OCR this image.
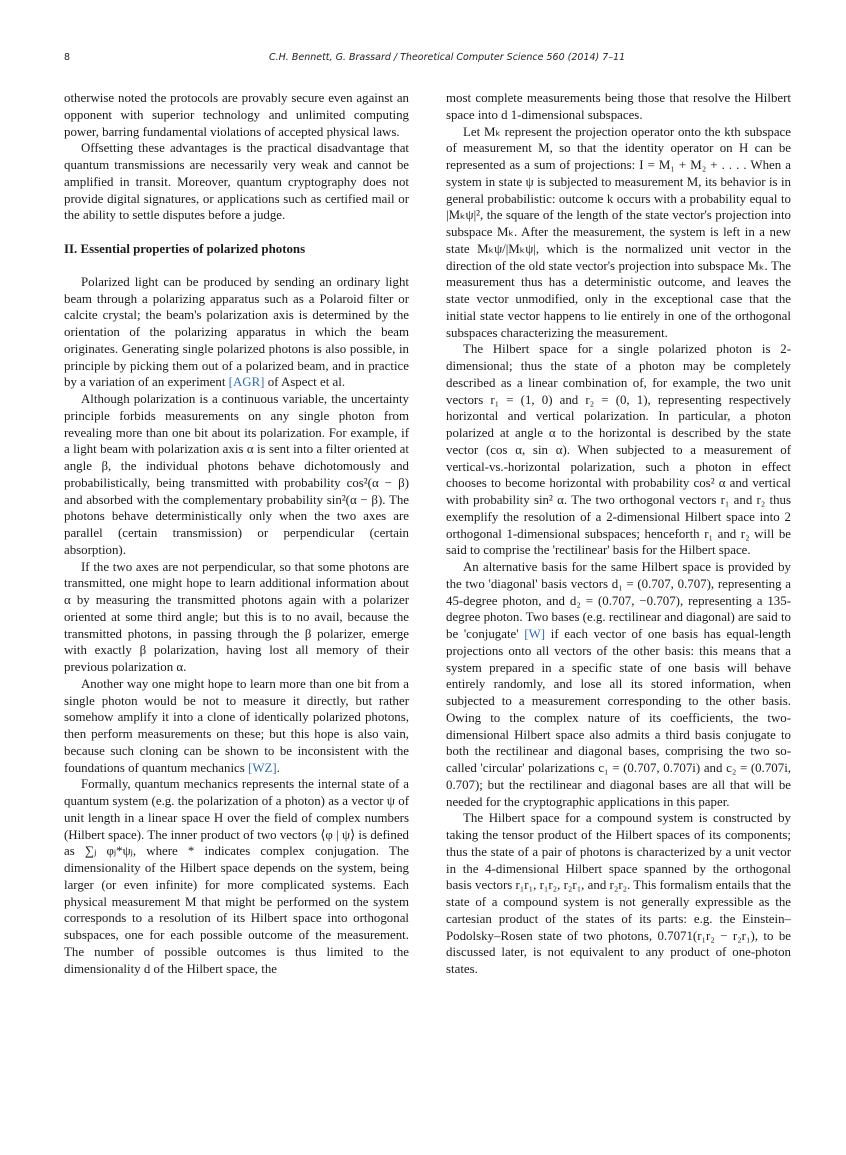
8	C.H. Bennett, G. Brassard / Theoretical Computer Science 560 (2014) 7–11

otherwise noted the protocols are provably secure even against an opponent with superior technology and unlimited computing power, barring fundamental violations of accepted physical laws.

Offsetting these advantages is the practical disadvantage that quantum transmissions are necessarily very weak and cannot be amplified in transit. Moreover, quantum cryptography does not provide digital signatures, or applications such as certified mail or the ability to settle disputes before a judge.

II. Essential properties of polarized photons

Polarized light can be produced by sending an ordinary light beam through a polarizing apparatus such as a Polaroid filter or calcite crystal; the beam's polarization axis is determined by the orientation of the polarizing apparatus in which the beam originates. Generating single polarized photons is also possible, in principle by picking them out of a polarized beam, and in practice by a variation of an experiment [AGR] of Aspect et al.

Although polarization is a continuous variable, the uncertainty principle forbids measurements on any single photon from revealing more than one bit about its polarization. For example, if a light beam with polarization axis α is sent into a filter oriented at angle β, the individual photons behave dichotomously and probabilistically, being transmitted with probability cos²(α − β) and absorbed with the complementary probability sin²(α − β). The photons behave deterministically only when the two axes are parallel (certain transmission) or perpendicular (certain absorption).

If the two axes are not perpendicular, so that some photons are transmitted, one might hope to learn additional information about α by measuring the transmitted photons again with a polarizer oriented at some third angle; but this is to no avail, because the transmitted photons, in passing through the β polarizer, emerge with exactly β polarization, having lost all memory of their previous polarization α.

Another way one might hope to learn more than one bit from a single photon would be not to measure it directly, but rather somehow amplify it into a clone of identically polarized photons, then perform measurements on these; but this hope is also vain, because such cloning can be shown to be inconsistent with the foundations of quantum mechanics [WZ].

Formally, quantum mechanics represents the internal state of a quantum system (e.g. the polarization of a photon) as a vector ψ of unit length in a linear space H over the field of complex numbers (Hilbert space). The inner product of two vectors ⟨φ | ψ⟩ is defined as ∑ⱼ φⱼ*ψⱼ, where * indicates complex conjugation. The dimensionality of the Hilbert space depends on the system, being larger (or even infinite) for more complicated systems. Each physical measurement M that might be performed on the system corresponds to a resolution of its Hilbert space into orthogonal subspaces, one for each possible outcome of the measurement. The number of possible outcomes is thus limited to the dimensionality d of the Hilbert space, the

most complete measurements being those that resolve the Hilbert space into d 1-dimensional subspaces.

Let Mₖ represent the projection operator onto the kth subspace of measurement M, so that the identity operator on H can be represented as a sum of projections: I = M₁ + M₂ + . . . . When a system in state ψ is subjected to measurement M, its behavior is in general probabilistic: outcome k occurs with a probability equal to |Mₖψ|², the square of the length of the state vector's projection into subspace Mₖ. After the measurement, the system is left in a new state Mₖψ/|Mₖψ|, which is the normalized unit vector in the direction of the old state vector's projection into subspace Mₖ. The measurement thus has a deterministic outcome, and leaves the state vector unmodified, only in the exceptional case that the initial state vector happens to lie entirely in one of the orthogonal subspaces characterizing the measurement.

The Hilbert space for a single polarized photon is 2-dimensional; thus the state of a photon may be completely described as a linear combination of, for example, the two unit vectors r₁ = (1, 0) and r₂ = (0, 1), representing respectively horizontal and vertical polarization. In particular, a photon polarized at angle α to the horizontal is described by the state vector (cos α, sin α). When subjected to a measurement of vertical-vs.-horizontal polarization, such a photon in effect chooses to become horizontal with probability cos² α and vertical with probability sin² α. The two orthogonal vectors r₁ and r₂ thus exemplify the resolution of a 2-dimensional Hilbert space into 2 orthogonal 1-dimensional subspaces; henceforth r₁ and r₂ will be said to comprise the 'rectilinear' basis for the Hilbert space.

An alternative basis for the same Hilbert space is provided by the two 'diagonal' basis vectors d₁ = (0.707, 0.707), representing a 45-degree photon, and d₂ = (0.707, −0.707), representing a 135-degree photon. Two bases (e.g. rectilinear and diagonal) are said to be 'conjugate' [W] if each vector of one basis has equal-length projections onto all vectors of the other basis: this means that a system prepared in a specific state of one basis will behave entirely randomly, and lose all its stored information, when subjected to a measurement corresponding to the other basis. Owing to the complex nature of its coefficients, the two-dimensional Hilbert space also admits a third basis conjugate to both the rectilinear and diagonal bases, comprising the two so-called 'circular' polarizations c₁ = (0.707, 0.707i) and c₂ = (0.707i, 0.707); but the rectilinear and diagonal bases are all that will be needed for the cryptographic applications in this paper.

The Hilbert space for a compound system is constructed by taking the tensor product of the Hilbert spaces of its components; thus the state of a pair of photons is characterized by a unit vector in the 4-dimensional Hilbert space spanned by the orthogonal basis vectors r₁r₁, r₁r₂, r₂r₁, and r₂r₂. This formalism entails that the state of a compound system is not generally expressible as the cartesian product of the states of its parts: e.g. the Einstein–Podolsky–Rosen state of two photons, 0.7071(r₁r₂ − r₂r₁), to be discussed later, is not equivalent to any product of one-photon states.
